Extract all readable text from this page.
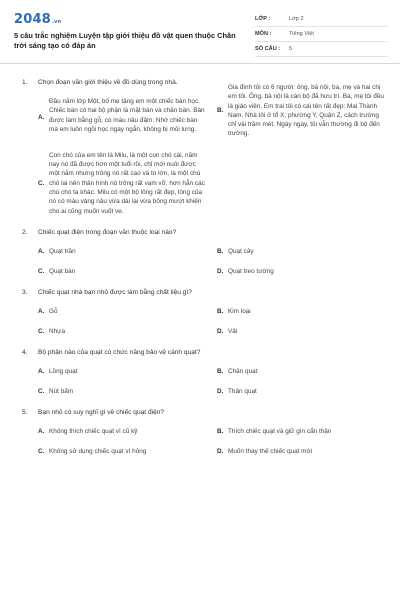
2048.vn
5 câu trắc nghiệm Luyện tập giới thiệu đồ vật quen thuộc Chân trời sáng tạo có đáp án
LỚP :	Lớp 2
MÔN :	Tiếng Việt
SỐ CÂU :	5
1.	Chọn đoạn văn giới thiệu về đồ dùng trong nhà.
A.
Đầu năm lớp Một, bố mẹ tặng em một chiếc bàn học. Chiếc bàn có hai bộ phận là mặt bàn và chân bàn. Bàn được làm bằng gỗ, có màu nâu đậm. Nhờ chiếc bàn mà em luôn ngồi học ngay ngắn, không bị mỏi lưng.
B.
Gia đình tôi có 6 người: ông, bà nội, ba, mẹ và hai chị em tôi. Ông, bà nội là cán bộ đã hưu trí. Ba, mẹ tôi đều là giáo viên. Em trai tôi có cái tên rất đẹp: Mai Thành Nam. Nhà tôi ở tổ X, phường Y, Quận Z, cách trường chỉ vài trăm mét. Ngày ngày, tôi vẫn thường đi bộ đến trường.
C.
Con chó của em tên là Milu, là một con chó cái, năm nay nó đã được hơn một tuổi rồi, chỉ mới nuôi được một năm nhưng trông nó rất cao và to lớn, là một chú chó lai nên thân hình nó trông rất vạm vỡ, hơn hẳn các chú chó ta khác. Milu có một bộ lông rất đẹp, lông của nó có màu vàng nâu vừa dài lại vừa bông mượt khiến cho ai cũng muốn vuốt ve.
2.	Chiếc quạt điện trong đoạn văn thuộc loại nào?
A. Quạt trần	B. Quạt cây
C. Quạt bàn	D. Quạt treo tường
3.	Chiếc quạt nhà bạn nhỏ được làm bằng chất liệu gì?
A. Gỗ	B. Kim loại
C. Nhựa	D. Vải
4.	Bộ phận nào của quạt có chức năng bảo vệ cánh quạt?
A. Lồng quạt	B. Chân quạt
C. Nút bấm	D. Thân quạt
5.	Bạn nhỏ có suy nghĩ gì về chiếc quạt điện?
A. Không thích chiếc quạt vì cũ kỹ	B. Thích chiếc quạt và giữ gìn cẩn thận
C. Không sử dụng chiếc quạt vì hỏng	D. Muốn thay thế chiếc quạt mới
